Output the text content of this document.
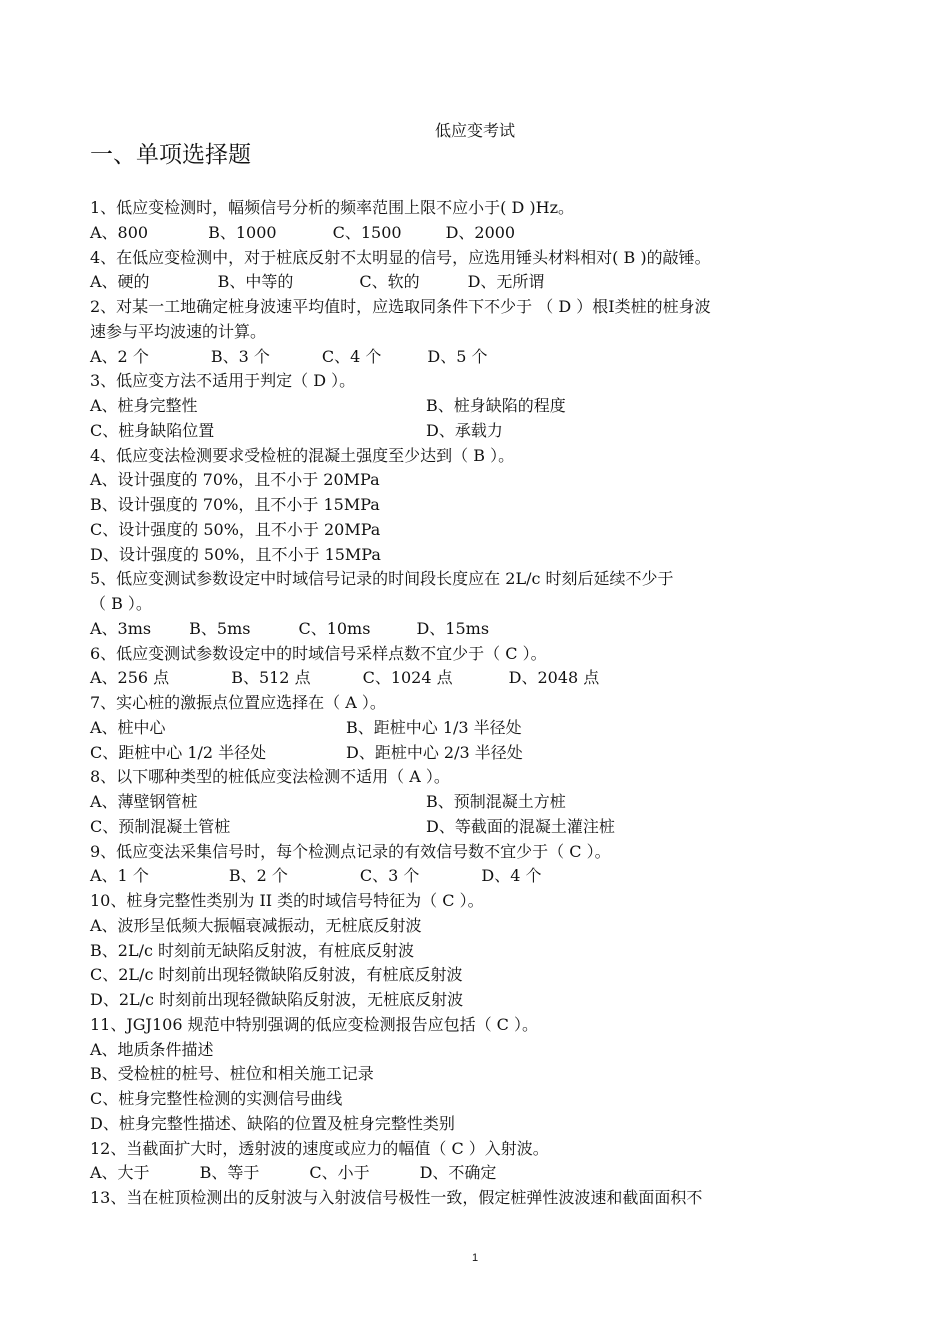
低应变考试
一、单项选择题
1、低应变检测时，幅频信号分析的频率范围上限不应小于( D )Hz。
A、800	B、1000	C、1500	D、2000
4、在低应变检测中，对于桩底反射不太明显的信号，应选用锤头材料相对( B )的敲锤。
A、硬的	B、中等的	C、软的	D、无所谓
2、对某一工地确定桩身波速平均值时，应选取同条件下不少于 （ D ）根Ⅰ类桩的桩身波
速参与平均波速的计算。
A、2 个	B、3 个	C、4 个	D、5 个
3、低应变方法不适用于判定（ D ）。
A、桩身完整性	B、桩身缺陷的程度
C、桩身缺陷位置	D、承载力
4、低应变法检测要求受检桩的混凝土强度至少达到（ B ）。
A、设计强度的 70%，且不小于 20MPa
B、设计强度的 70%，且不小于 15MPa
C、设计强度的 50%，且不小于 20MPa
D、设计强度的 50%，且不小于 15MPa
5、低应变测试参数设定中时域信号记录的时间段长度应在 2L/c 时刻后延续不少于
（ B ）。
A、3ms B、5ms	C、10ms	D、15ms
6、低应变测试参数设定中的时域信号采样点数不宜少于（ C ）。
A、256 点	B、512 点	C、1024 点	D、2048 点
7、实心桩的激振点位置应选择在（ A ）。
A、桩中心	B、距桩中心 1/3 半径处
C、距桩中心 1/2 半径处	D、距桩中心 2/3 半径处
8、以下哪种类型的桩低应变法检测不适用（ A ）。
A、薄壁钢管桩	B、预制混凝土方桩
C、预制混凝土管桩	D、等截面的混凝土灌注桩
9、低应变法采集信号时，每个检测点记录的有效信号数不宜少于（ C ）。
A、1 个	B、2 个	C、3 个	D、4 个
10、桩身完整性类别为 II 类的时域信号特征为（ C ）。
A、波形呈低频大振幅衰减振动，无桩底反射波
B、2L/c 时刻前无缺陷反射波，有桩底反射波
C、2L/c 时刻前出现轻微缺陷反射波，有桩底反射波
D、2L/c 时刻前出现轻微缺陷反射波，无桩底反射波
11、JGJ106 规范中特别强调的低应变检测报告应包括（ C ）。
A、地质条件描述
B、受检桩的桩号、桩位和相关施工记录
C、桩身完整性检测的实测信号曲线
D、桩身完整性描述、缺陷的位置及桩身完整性类别
12、当截面扩大时，透射波的速度或应力的幅值（ C ）入射波。
A、大于	B、等于	C、小于	D、不确定
13、当在桩顶检测出的反射波与入射波信号极性一致，假定桩弹性波波速和截面面积不
1
